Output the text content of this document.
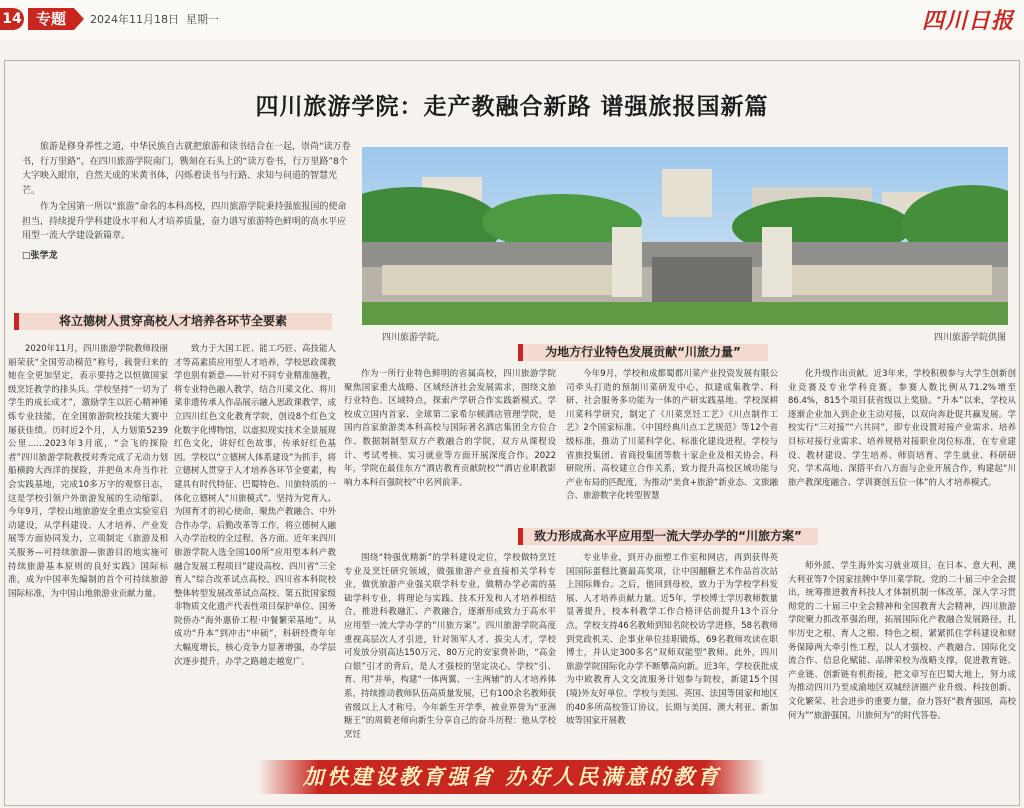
14 专题	2024年11月18日 星期一	四川日报
四川旅游学院：走产教融合新路 谱强旅报国新篇

旅游是修身养性之道，中华民族自古就把旅游和读书结合在一起，崇尚“读万卷书，行万里路”。在四川旅游学院南门，镌刻在石头上的“读万卷书，行万里路”8个大字映入眼帘，自然天成的米黄书体，闪烁着读书与行路、求知与问道的智慧光芒。

作为全国第一所以“旅游”命名的本科高校，四川旅游学院秉持强旅报国的使命担当，持续提升学科建设水平和人才培养质量，奋力谱写旅游特色鲜明的高水平应用型一流大学建设新篇章。

□张学龙
四川旅游学院。	四川旅游学院供图
将立德树人贯穿高校人才培养各环节全要素
为地方行业特色发展贡献“川旅力量”
致力形成高水平应用型一流大学办学的“川旅方案”

2020年11月，四川旅游学院教师段丽丽荣获“全国劳动模范”称号，载誉归来的她在全更加坚定，表示要持之以恒做国家级烹饪教学的排头兵。学校坚持“一切为了学生的成长成才”，激励学生以匠心精神锤炼专业技能，在全国旅游院校技能大赛中屡获佳绩。历时近2个月，人力划策5239公里……2023年3月底，“会飞的探险者”四川旅游学院教授对秀完成了无动力划船横跨大西洋的探险，并把鱼木舟当作社会实践基地，完成10多万字的观察日志，这是学校引领户外旅游发展的生动缩影。今年9月，学校山地旅游安全重点实验室启动建设，从学科建设、人才培养、产业发展等方面协同发力，立项制定《旅游及相关服务—可持续旅游—旅游目的地实施可持续旅游基本原则的良好实践》国际标准，成为中国率先编制的首个可持续旅游国际标准，为中国山地旅游业贡献力量。

致力于大国工匠、能工巧匠、高技能人才等高素质应用型人才培养，学校思政课教学也别有新意——针对不同专业精准施教，将专业特色融入教学，结合川菜文化、将川菜非遗传承人作品展示融入思政课教学，成立四川红色文化教育学院，创设8个红色文化数字化博物馆，以虚拟现实技术全景展现红色文化，讲好红色故事，传承好红色基因。学校以“立德树人体系建设”为抓手，将立德树人贯穿于人才培养各环节全要素，构建具有时代特征、巴蜀特色、川旅特质的一体化立德树人“川旅模式”。坚持为党育人、为国育才的初心使命，聚焦产教融合、中外合作办学，后勤改革等工作，将立德树人融入办学治校的全过程、各方面。近年来四川旅游学院入选全国100所“应用型本科产教融合发展工程项目”建设高校、四川省“三全育人”综合改革试点高校、四川省本科院校整体转型发展改革试点高校、第五批国家级非物质文化遗产代表性项目保护单位、国务院侨办“海外惠侨工程·中餐繁荣基地”。从成功“升本”到冲击“申硕”，科研经费年年大幅度增长，核心竞争力显著增强，办学层次逐步提升，办学之路越走越宽广。

作为一所行业特色鲜明的省属高校，四川旅游学院聚焦国家重大战略、区域经济社会发展需求，围绕文旅行业特色、区域特点，探索产学研合作实践新模式。学校成立国内首家、全球第二家希尔顿酒店管理学院，是国内首家旅游类本科高校与国际著名酒店集团全方位合作、数据制制型双方产教融合的学院，双方从课程设计、考试考核、实习就业等方面开展深度合作。2022年，学院在最佳东方“酒店教育贡献院校”“酒店业职教影响力本科百强院校”中名列前茅。

今年9月，学校和成都蜀都川菜产业投资发展有限公司牵头打造的预制川菜研发中心，拟建成集教学、科研、社会服务多功能为一体的产研实践基地。学校深耕川菜科学研究，制定了《川菜烹饪工艺》《川点制作工艺》2个国家标准、《中国经典川点工艺规范》等12个省级标准，推动了川菜科学化、标准化建设进程。学校与省旅投集团、省商投集团等数十家企业及相关协会、科研院所、高校建立合作关系，致力提升高校区域功能与产业布局的匹配度，为推动“美食+旅游”新业态、文旅融合、旅游数字化转型智慧

化升级作出贡献。近3年来，学校积极参与大学生创新创业竞赛及专业学科竞赛，参赛人数比例从71.2%增至86.4%，815个项目获省级以上奖励。“升本”以来，学校从逐渐企业加入到企业主动对接，以双向奔赴促共赢发展。学校实行“三对接”“六共同”，即专业设置对接产业需求、培养目标对接行业需求、培养规格对接职业岗位标准，在专业建设、教材建设、学生培养、师资培育、学生就业、科研研究、学术高地、深搭平台八方面与企业开展合作，构建起“川旅产教深度融合、学训赛创五位一体”的人才培养模式。

围绕“特强优精新”的学科建设定位，学校做特烹饪专业及烹饪研究领域，做强旅游产业直接相关学科专业，做优旅游产业强关联学科专业，做精办学必需的基础学科专业，将理论与实践、技术开发和人才培养相结合，推进科教融汇、产教融合，逐渐形成致力于高水平应用型一流大学办学的“川旅方案”。四川旅游学院高度重视高层次人才引进，针对领军人才、拔尖人才，学校可发放分别高达150万元、80万元的安家费补助，“高金白银”引才的背后，是人才强校的坚定决心。学校“引、育、用”并举，构建“一体两翼、一主两辅”的人才培养体系，持续推动教师队伍高质量发展，已有100余名教师获省级以上人才称号。今年新生开学季，被业界誉为“亚洲糖王”的周毅老师向新生分享自己的奋斗历程：他从学校烹饪

专业毕业，到开办面塑工作室和网店，再到获得英国国际蛋糕比赛最高奖项，让中国翻糖艺术作品首次站上国际舞台。之后，他回到母校，致力于为学校学科发展、人才培养贡献力量。近5年，学校博士学历教师数量显著提升，校本科教学工作合格评估前提升13个百分点。学校支持46名教师到知名院校访学进修，58名教师到党政机关、企事业单位挂职锻炼，69名教师攻读在职博士，并认定300多名“双师双能型”教师。此外，四川旅游学院国际化办学不断攀高向新。近3年，学校获批成为中欧教育人文交流服务计划参与院校，新建15个国(境)外友好单位。学校与美国、英国、法国等国家和地区的40多所高校签订协议，长期与美国、澳大利亚、新加坡等国家开展教

师外派、学生海外实习就业项目，在日本、意大利、澳大利亚等7个国家挂牌中华川菜学院。党的二十届三中全会提出，统筹推进教育科技人才体制机制一体改革，深入学习贯彻党的二十届三中全会精神和全国教育大会精神，四川旅游学院聚力抓改革强治理，拓展国际化产教融合发展路径，扎牢历史之根、育人之根、特色之根，紧紧抓住学科建设和财务保障两大牵引性工程，以人才强校、产教融合、国际化交流合作、信息化赋能、品牌荣校为战略支撑，促进教育链、产业链、创新链有机衔接，把文章写在巴蜀大地上，努力成为推动四川乃至成渝地区双城经济圈产业升级、科技创新、文化繁荣、社会进步的重要力量，奋力答好“教育强国，高校何为”“旅游强国，川旅何为”的时代答卷。

加快建设教育强省 办好人民满意的教育
